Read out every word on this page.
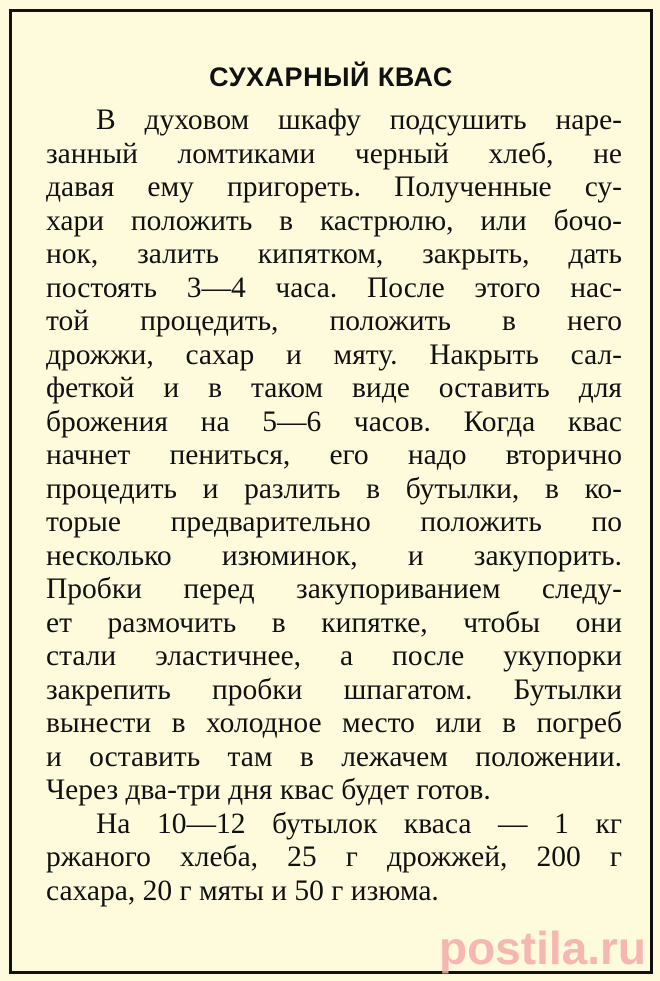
СУХАРНЫЙ КВАС
В духовом шкафу подсушить наре-
занный ломтиками черный хлеб, не
давая ему пригореть. Полученные су-
хари положить в кастрюлю, или бочо-
нок, залить кипятком, закрыть, дать
постоять 3—4 часа. После этого нас-
той процедить, положить в него
дрожжи, сахар и мяту. Накрыть сал-
феткой и в таком виде оставить для
брожения на 5—6 часов. Когда квас
начнет пениться, его надо вторично
процедить и разлить в бутылки, в ко-
торые предварительно положить по
несколько изюминок, и закупорить.
Пробки перед закупориванием следу-
ет размочить в кипятке, чтобы они
стали эластичнее, а после укупорки
закрепить пробки шпагатом. Бутылки
вынести в холодное место или в погреб
и оставить там в лежачем положении.
Через два-три дня квас будет готов.
На 10—12 бутылок кваса — 1 кг
ржаного хлеба, 25 г дрожжей, 200 г
сахара, 20 г мяты и 50 г изюма.
postila.ru
